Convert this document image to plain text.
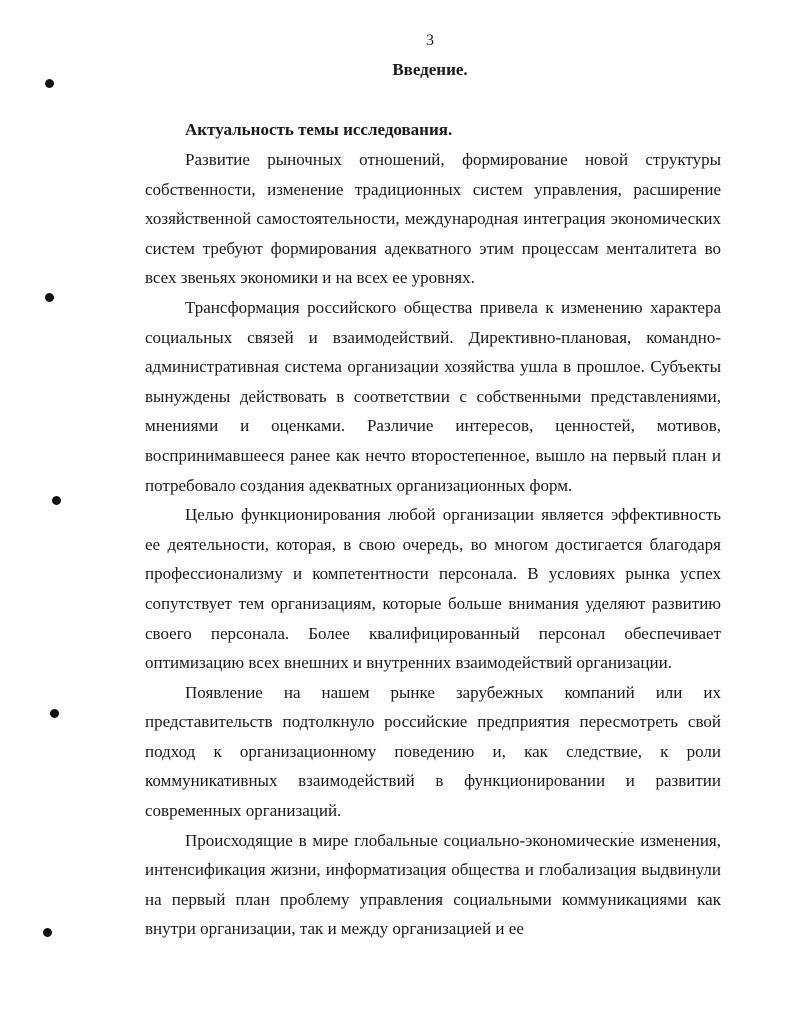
3
Введение.
Актуальность темы исследования.

Развитие рыночных отношений, формирование новой структуры собственности, изменение традиционных систем управления, расширение хозяйственной самостоятельности, международная интеграция экономических систем требуют формирования адекватного этим процессам менталитета во всех звеньях экономики и на всех ее уровнях.

Трансформация российского общества привела к изменению характера социальных связей и взаимодействий. Директивно-плановая, командно-административная система организации хозяйства ушла в прошлое. Субъекты вынуждены действовать в соответствии с собственными представлениями, мнениями и оценками. Различие интересов, ценностей, мотивов, воспринимавшееся ранее как нечто второстепенное, вышло на первый план и потребовало создания адекватных организационных форм.

Целью функционирования любой организации является эффективность ее деятельности, которая, в свою очередь, во многом достигается благодаря профессионализму и компетентности персонала. В условиях рынка успех сопутствует тем организациям, которые больше внимания уделяют развитию своего персонала. Более квалифицированный персонал обеспечивает оптимизацию всех внешних и внутренних взаимодействий организации.

Появление на нашем рынке зарубежных компаний или их представительств подтолкнуло российские предприятия пересмотреть свой подход к организационному поведению и, как следствие, к роли коммуникативных взаимодействий в функционировании и развитии современных организаций.

Происходящие в мире глобальные социально-экономические изменения, интенсификация жизни, информатизация общества и глобализация выдвинули на первый план проблему управления социальными коммуникациями как внутри организации, так и между организацией и ее
